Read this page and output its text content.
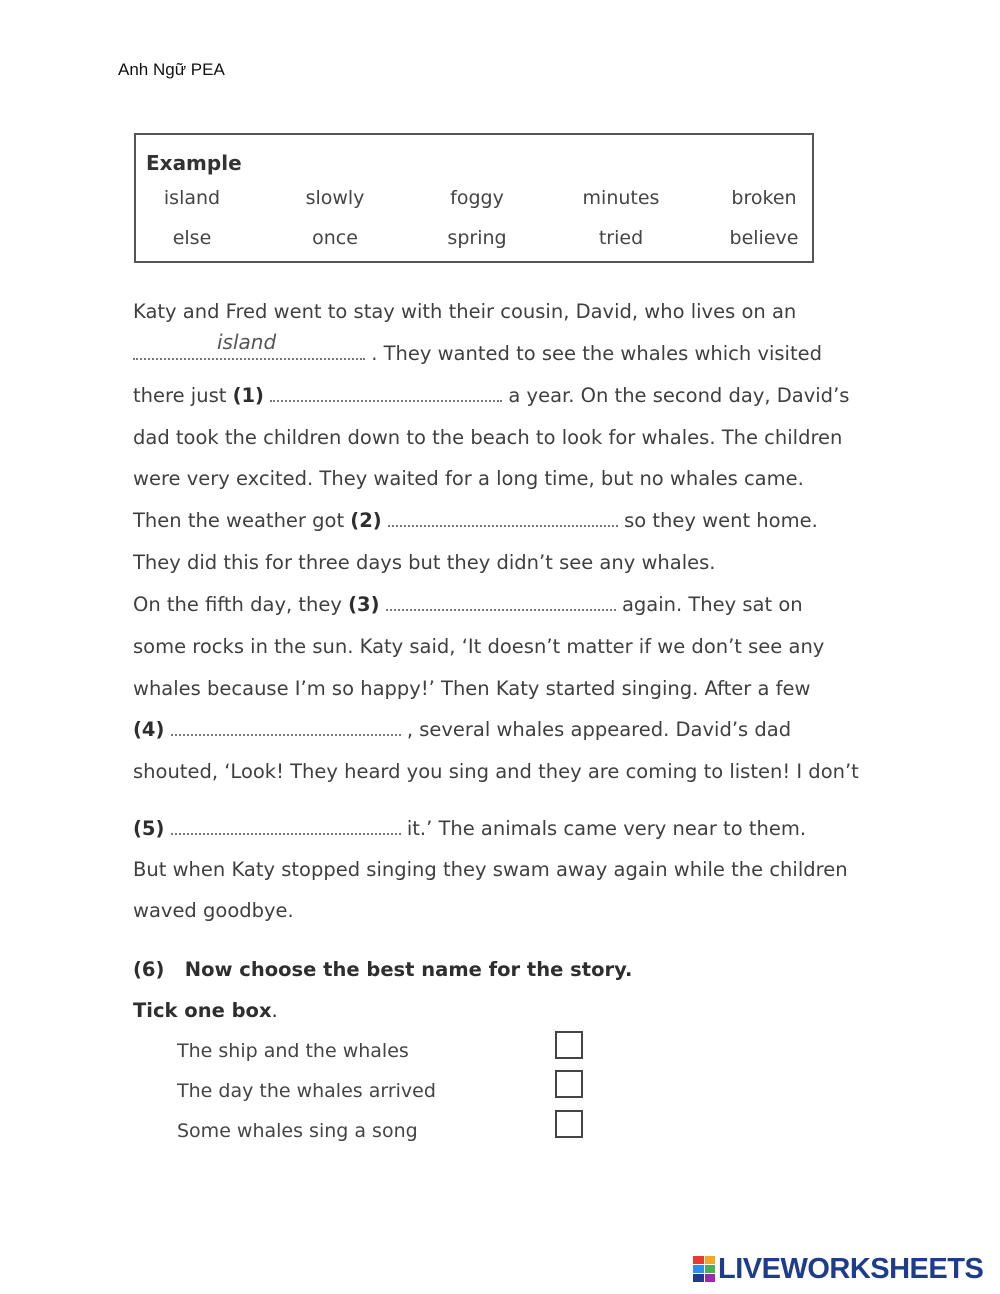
Anh Ngữ PEA
Example
island	slowly	foggy	minutes	broken
else	once	spring	tried	believe
Katy and Fred went to stay with their cousin, David, who lives on an
island	. They wanted to see the whales which visited
there just (1)	a year. On the second day, David’s
dad took the children down to the beach to look for whales. The children
were very excited. They waited for a long time, but no whales came.
Then the weather got (2)	so they went home.
They did this for three days but they didn’t see any whales.
On the fifth day, they (3)	again. They sat on
some rocks in the sun. Katy said, ‘It doesn’t matter if we don’t see any
whales because I’m so happy!’ Then Katy started singing. After a few
(4)	, several whales appeared. David’s dad
shouted, ‘Look! They heard you sing and they are coming to listen! I don’t
(5)	it.’ The animals came very near to them.
But when Katy stopped singing they swam away again while the children
waved goodbye.
(6) Now choose the best name for the story.
Tick one box.
The ship and the whales
The day the whales arrived
Some whales sing a song
LIVEWORKSHEETS
